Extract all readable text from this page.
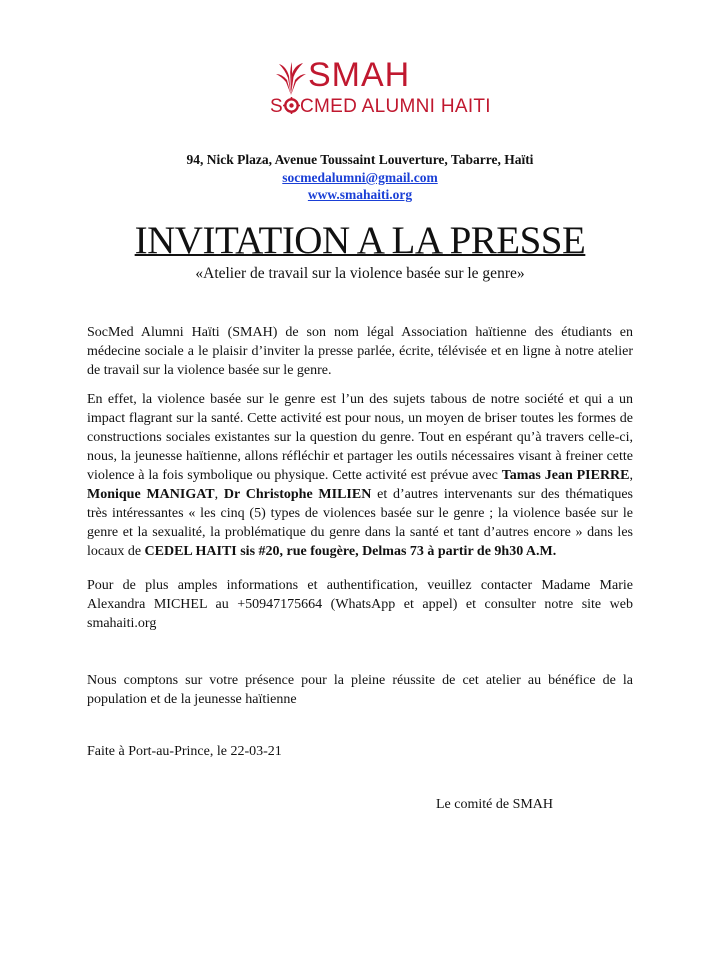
SMAH
S CMED ALUMNI HAITI
94, Nick Plaza, Avenue Toussaint Louverture, Tabarre, Haïti
socmedalumni@gmail.com
www.smahaiti.org
INVITATION A LA PRESSE
«Atelier de travail sur la violence basée sur le genre»

SocMed Alumni Haïti (SMAH) de son nom légal Association haïtienne des étudiants en médecine sociale a le plaisir d’inviter la presse parlée, écrite, télévisée et en ligne à notre atelier de travail sur la violence basée sur le genre.

En effet, la violence basée sur le genre est l’un des sujets tabous de notre société et qui a un impact flagrant sur la santé. Cette activité est pour nous, un moyen de briser toutes les formes de constructions sociales existantes sur la question du genre. Tout en espérant qu’à travers celle-ci, nous, la jeunesse haïtienne, allons réfléchir et partager les outils nécessaires visant à freiner cette violence à la fois symbolique ou physique. Cette activité est prévue avec Tamas Jean PIERRE, Monique MANIGAT, Dr Christophe MILIEN et d’autres intervenants sur des thématiques très intéressantes « les cinq (5) types de violences basée sur le genre ; la violence basée sur le genre et la sexualité, la problématique du genre dans la santé et tant d’autres encore » dans les locaux de CEDEL HAITI sis #20, rue fougère, Delmas 73 à partir de 9h30 A.M.

Pour de plus amples informations et authentification, veuillez contacter Madame Marie Alexandra MICHEL au +50947175664 (WhatsApp et appel) et consulter notre site web smahaiti.org

Nous comptons sur votre présence pour la pleine réussite de cet atelier au bénéfice de la population et de la jeunesse haïtienne

Faite à Port-au-Prince, le 22-03-21

Le comité de SMAH
